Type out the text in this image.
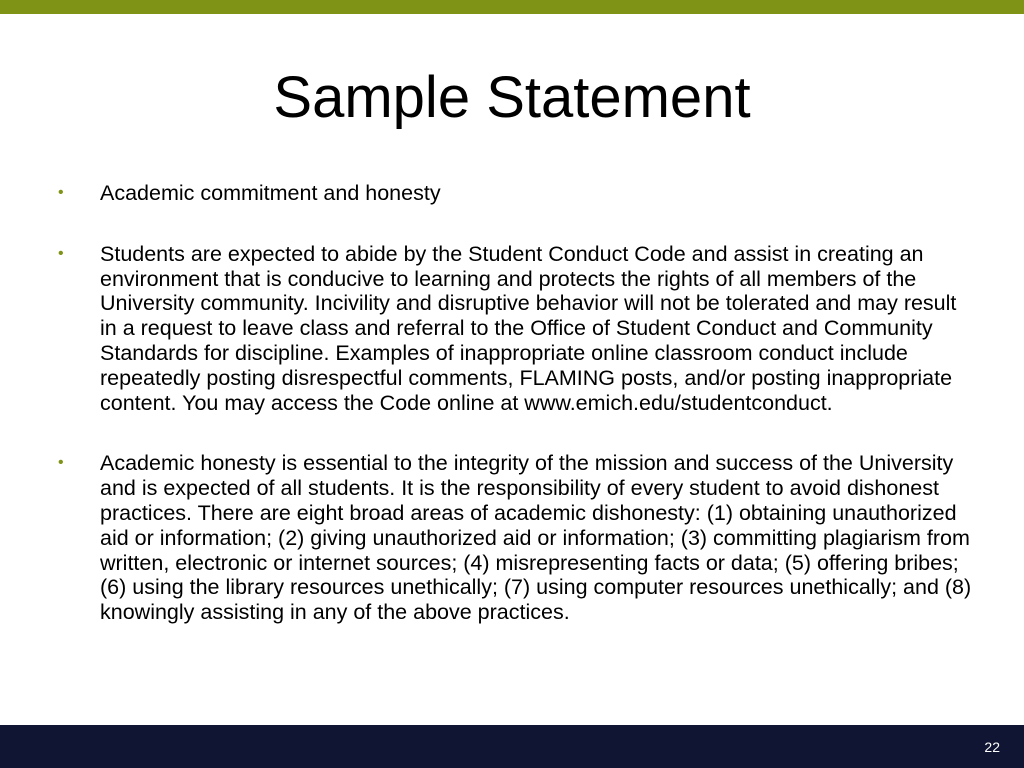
Sample Statement
• Academic commitment and honesty
• Students are expected to abide by the Student Conduct Code and assist in creating an environment that is conducive to learning and protects the rights of all members of the University community. Incivility and disruptive behavior will not be tolerated and may result in a request to leave class and referral to the Office of Student Conduct and Community Standards for discipline. Examples of inappropriate online classroom conduct include repeatedly posting disrespectful comments, FLAMING posts, and/or posting inappropriate content. You may access the Code online at www.emich.edu/studentconduct.
• Academic honesty is essential to the integrity of the mission and success of the University and is expected of all students. It is the responsibility of every student to avoid dishonest practices. There are eight broad areas of academic dishonesty: (1) obtaining unauthorized aid or information; (2) giving unauthorized aid or information; (3) committing plagiarism from written, electronic or internet sources; (4) misrepresenting facts or data; (5) offering bribes; (6) using the library resources unethically; (7) using computer resources unethically; and (8) knowingly assisting in any of the above practices.
22
